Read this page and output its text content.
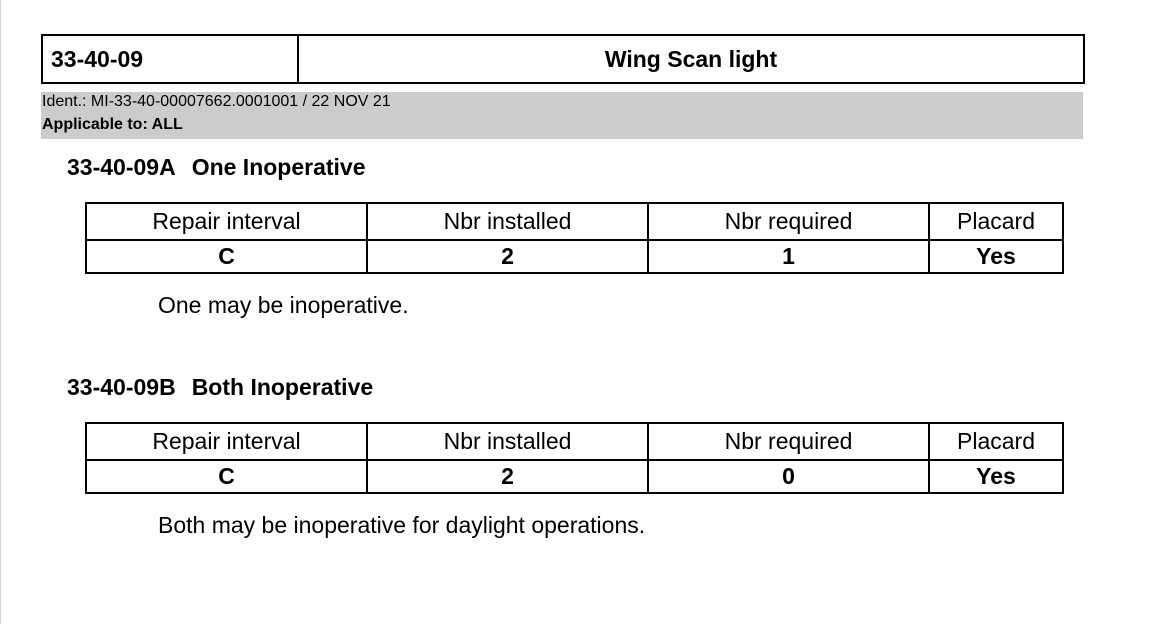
33-40-09	Wing Scan light
Ident.: MI-33-40-00007662.0001001 / 22 NOV 21
Applicable to: ALL
33-40-09A One Inoperative
Repair interval	Nbr installed	Nbr required	Placard
C	2	1	Yes
One may be inoperative.
33-40-09B Both Inoperative
Repair interval	Nbr installed	Nbr required	Placard
C	2	0	Yes
Both may be inoperative for daylight operations.
